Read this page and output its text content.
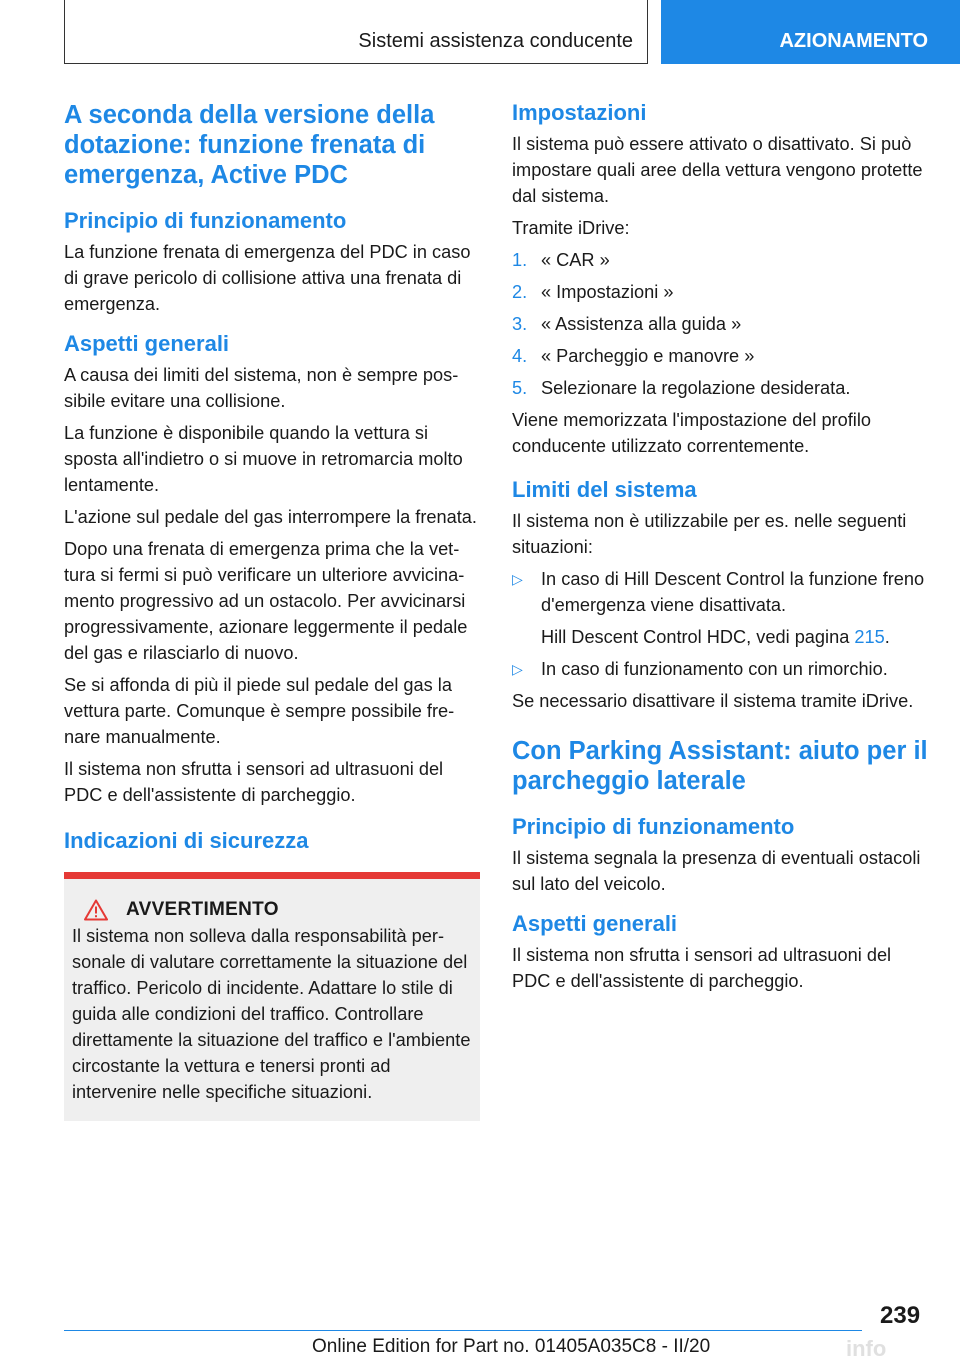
Sistemi assistenza conducente	AZIONAMENTO
A seconda della versione della dotazione: funzione frenata di emergenza, Active PDC
Principio di funzionamento

La funzione frenata di emergenza del PDC in caso di grave pericolo di collisione attiva una frenata di emergenza.

Aspetti generali

A causa dei limiti del sistema, non è sempre possibile evitare una collisione.

La funzione è disponibile quando la vettura si sposta all'indietro o si muove in retromarcia molto lentamente.

L'azione sul pedale del gas interrompere la frenata.

Dopo una frenata di emergenza prima che la vettura si fermi si può verificare un ulteriore avvicinamento progressivo ad un ostacolo. Per avvicinarsi progressivamente, azionare leggermente il pedale del gas e rilasciarlo di nuovo.

Se si affonda di più il piede sul pedale del gas la vettura parte. Comunque è sempre possibile frenare manualmente.

Il sistema non sfrutta i sensori ad ultrasuoni del PDC e dell'assistente di parcheggio.

Indicazioni di sicurezza
AVVERTIMENTO

Il sistema non solleva dalla responsabilità personale di valutare correttamente la situazione del traffico. Pericolo di incidente. Adattare lo stile di guida alle condizioni del traffico. Controllare direttamente la situazione del traffico e l'ambiente circostante la vettura e tenersi pronti ad intervenire nelle specifiche situazioni.

Impostazioni

Il sistema può essere attivato o disattivato. Si può impostare quali aree della vettura vengono protette dal sistema.

Tramite iDrive:

1. « CAR »
2. « Impostazioni »
3. « Assistenza alla guida »
4. « Parcheggio e manovre »
5. Selezionare la regolazione desiderata.

Viene memorizzata l'impostazione del profilo conducente utilizzato correntemente.

Limiti del sistema

Il sistema non è utilizzabile per es. nelle seguenti situazioni:

▷ In caso di Hill Descent Control la funzione freno d'emergenza viene disattivata.
Hill Descent Control HDC, vedi pagina 215.
▷ In caso di funzionamento con un rimorchio.

Se necessario disattivare il sistema tramite iDrive.

Con Parking Assistant: aiuto per il parcheggio laterale
Principio di funzionamento

Il sistema segnala la presenza di eventuali ostacoli sul lato del veicolo.

Aspetti generali

Il sistema non sfrutta i sensori ad ultrasuoni del PDC e dell'assistente di parcheggio.

239
Online Edition for Part no. 01405A035C8 - II/20	info
